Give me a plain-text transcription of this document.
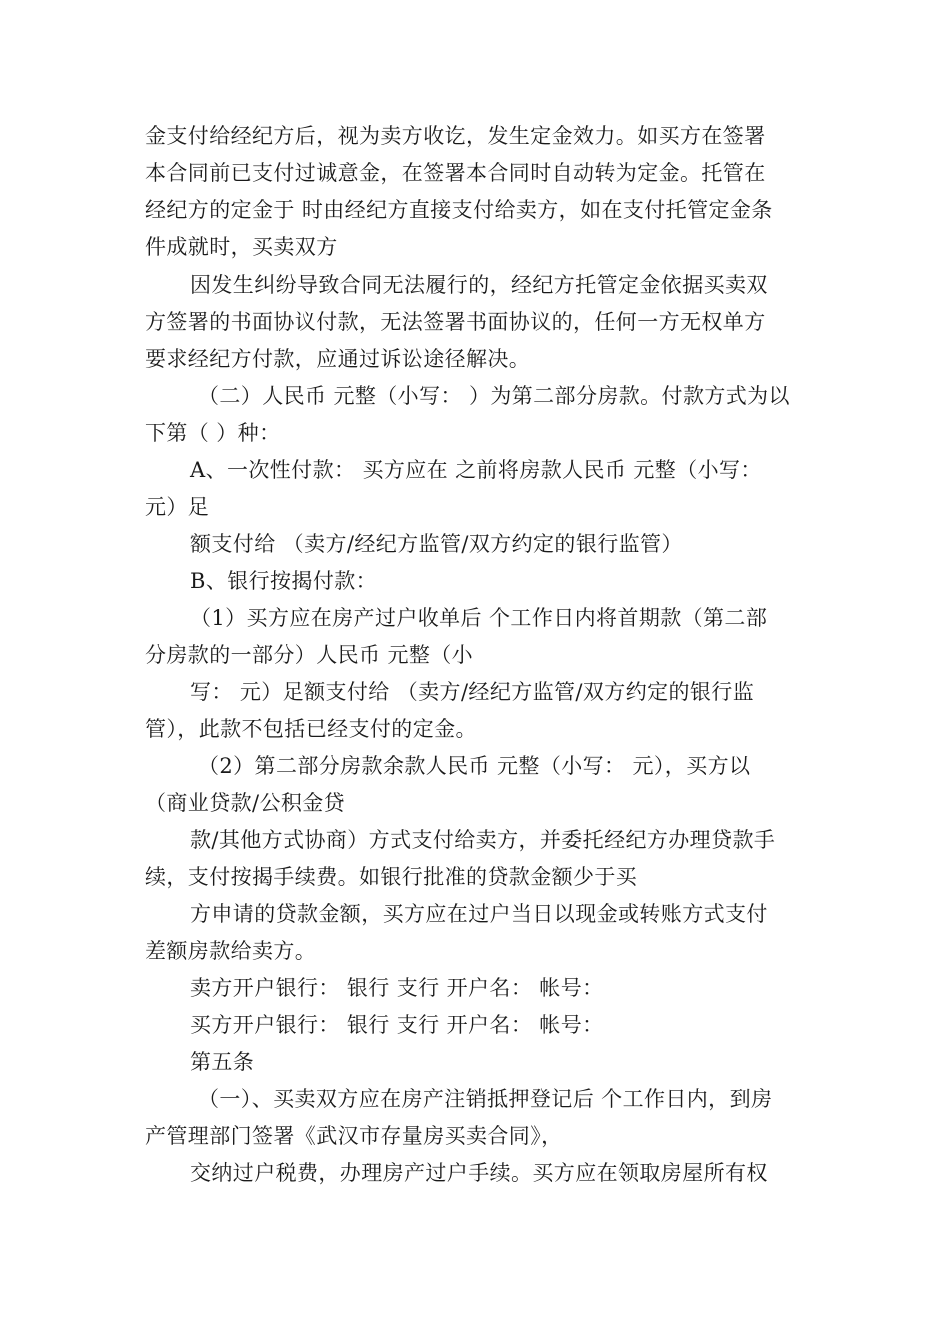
金支付给经纪方后，视为卖方收讫，发生定金效力。如买方在签署
本合同前已支付过诚意金，在签署本合同时自动转为定金。托管在
经纪方的定金于 时由经纪方直接支付给卖方，如在支付托管定金条
件成就时，买卖双方
因发生纠纷导致合同无法履行的，经纪方托管定金依据买卖双
方签署的书面协议付款，无法签署书面协议的，任何一方无权单方
要求经纪方付款，应通过诉讼途径解决。
（二）人民币 元整（小写： ）为第二部分房款。付款方式为以
下第（ ）种：
A、一次性付款： 买方应在 之前将房款人民币 元整（小写：
元）足
额支付给 （卖方/经纪方监管/双方约定的银行监管）
B、银行按揭付款：
（1）买方应在房产过户收单后 个工作日内将首期款（第二部
分房款的一部分）人民币 元整（小
写： 元）足额支付给 （卖方/经纪方监管/双方约定的银行监
管），此款不包括已经支付的定金。
（2）第二部分房款余款人民币 元整（小写： 元），买方以
（商业贷款/公积金贷
款/其他方式协商）方式支付给卖方，并委托经纪方办理贷款手
续，支付按揭手续费。如银行批准的贷款金额少于买
方申请的贷款金额，买方应在过户当日以现金或转账方式支付
差额房款给卖方。
卖方开户银行： 银行 支行 开户名： 帐号：
买方开户银行： 银行 支行 开户名： 帐号：
第五条
（一）、买卖双方应在房产注销抵押登记后 个工作日内，到房
产管理部门签署《武汉市存量房买卖合同》，
交纳过户税费，办理房产过户手续。买方应在领取房屋所有权
